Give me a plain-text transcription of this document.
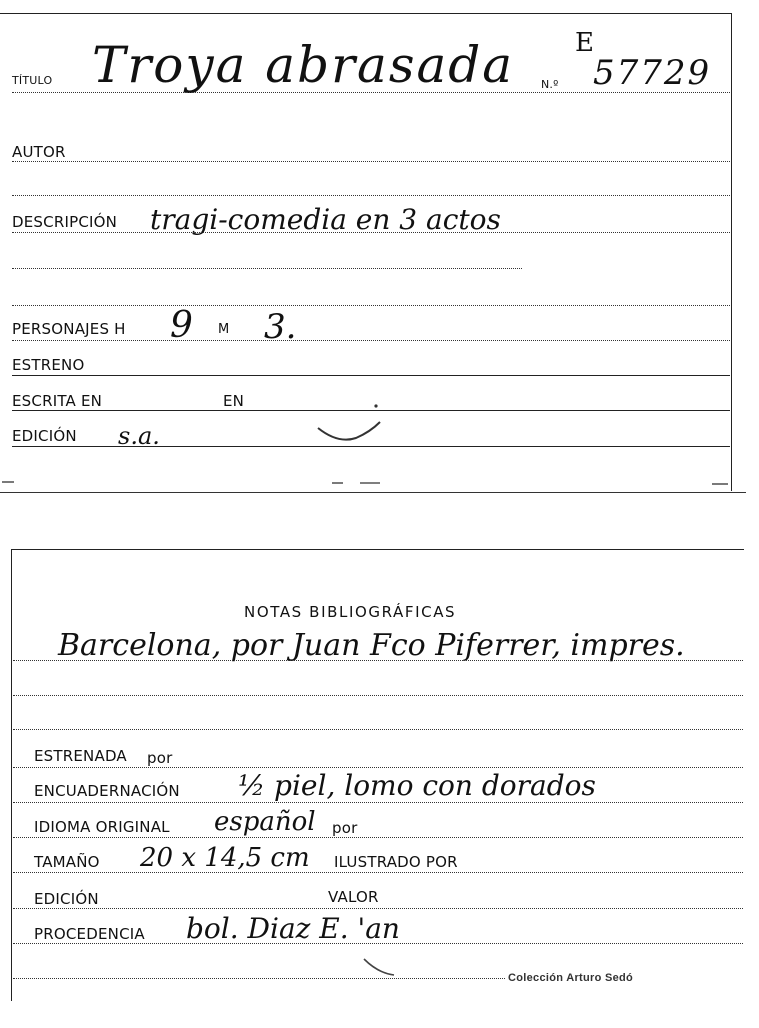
TÍTULO Troya abrasada N.º
E
57729
AUTOR
DESCRIPCIÓN tragi-comedia en 3 actos
PERSONAJES H 9 M 3.
ESTRENO
ESCRITA EN	EN
EDICIÓN s.a.
NOTAS BIBLIOGRÁFICAS
Barcelona, por Juan Fco Piferrer, impres.
ESTRENADA por
ENCUADERNACIÓN ½ piel, lomo con dorados
IDIOMA ORIGINAL español por
TAMAÑO 20 x 14,5 cm ILUSTRADO POR
EDICIÓN	VALOR
PROCEDENCIA bol. Diaz E. 'an
Colección Arturo Sedó
